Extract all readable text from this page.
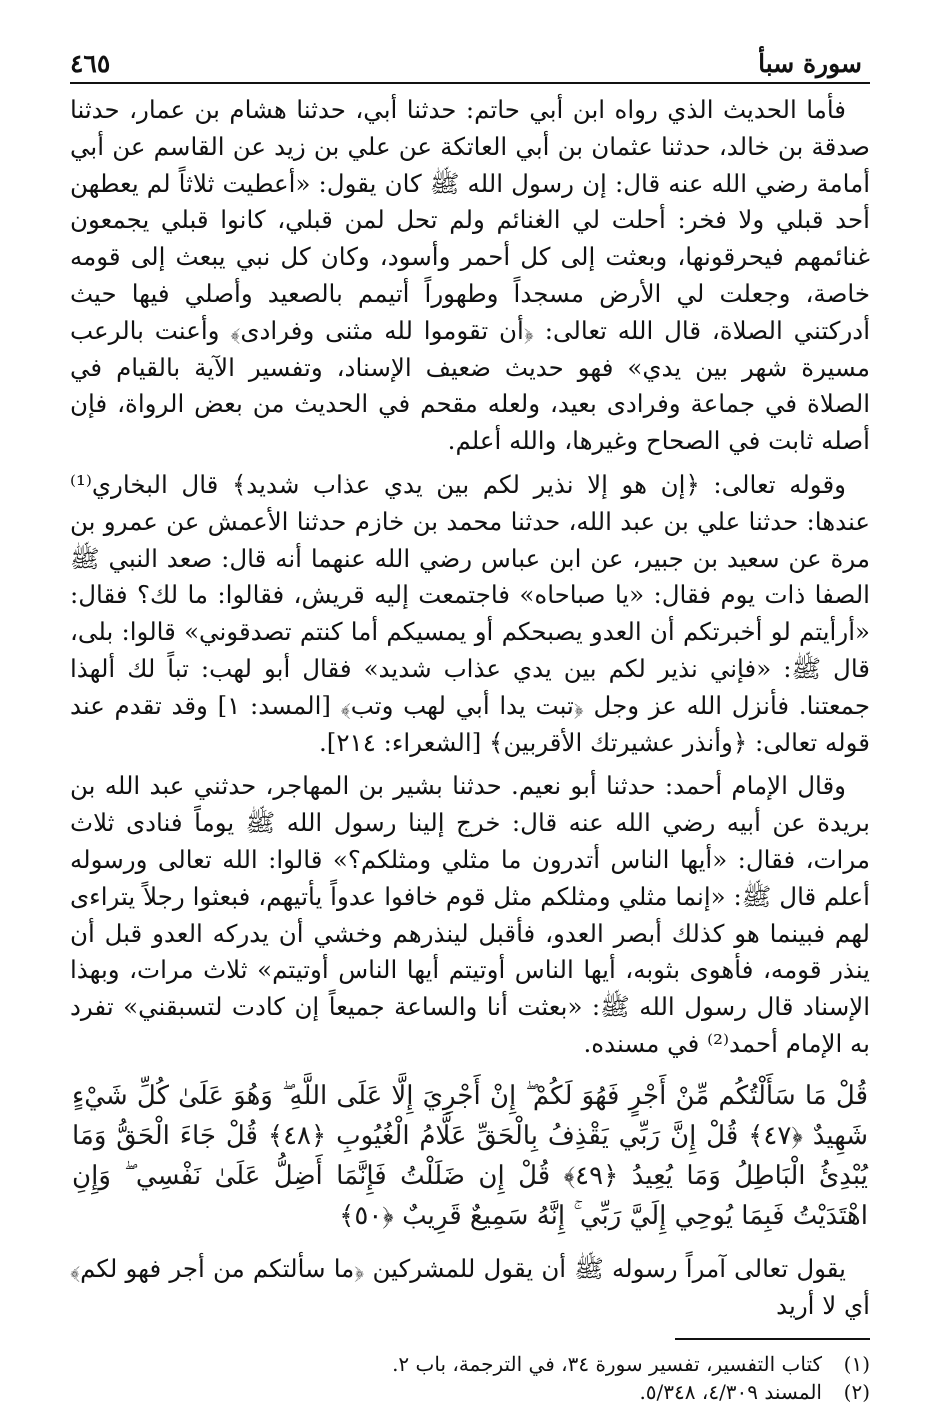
سورة سبأ
٤٦٥

فأما الحديث الذي رواه ابن أبي حاتم: حدثنا أبي، حدثنا هشام بن عمار، حدثنا صدقة بن خالد، حدثنا عثمان بن أبي العاتكة عن علي بن زيد عن القاسم عن أبي أمامة رضي الله عنه قال: إن رسول الله ﷺ كان يقول: «أعطيت ثلاثاً لم يعطهن أحد قبلي ولا فخر: أحلت لي الغنائم ولم تحل لمن قبلي، كانوا قبلي يجمعون غنائمهم فيحرقونها، وبعثت إلى كل أحمر وأسود، وكان كل نبي يبعث إلى قومه خاصة، وجعلت لي الأرض مسجداً وطهوراً أتيمم بالصعيد وأصلي فيها حيث أدركتني الصلاة، قال الله تعالى: ﴿أن تقوموا لله مثنى وفرادى﴾ وأعنت بالرعب مسيرة شهر بين يدي» فهو حديث ضعيف الإسناد، وتفسير الآية بالقيام في الصلاة في جماعة وفرادى بعيد، ولعله مقحم في الحديث من بعض الرواة، فإن أصله ثابت في الصحاح وغيرها، والله أعلم.

وقوله تعالى: ﴿إن هو إلا نذير لكم بين يدي عذاب شديد﴾ قال البخاري⁽¹⁾ عندها: حدثنا علي بن عبد الله، حدثنا محمد بن خازم حدثنا الأعمش عن عمرو بن مرة عن سعيد بن جبير، عن ابن عباس رضي الله عنهما أنه قال: صعد النبي ﷺ الصفا ذات يوم فقال: «يا صباحاه» فاجتمعت إليه قريش، فقالوا: ما لك؟ فقال: «أرأيتم لو أخبرتكم أن العدو يصبحكم أو يمسيكم أما كنتم تصدقوني» قالوا: بلى، قال ﷺ: «فإني نذير لكم بين يدي عذاب شديد» فقال أبو لهب: تباً لك ألهذا جمعتنا. فأنزل الله عز وجل ﴿تبت يدا أبي لهب وتب﴾ [المسد: ١] وقد تقدم عند قوله تعالى: ﴿وأنذر عشيرتك الأقربين﴾ [الشعراء: ٢١٤].

وقال الإمام أحمد: حدثنا أبو نعيم. حدثنا بشير بن المهاجر، حدثني عبد الله بن بريدة عن أبيه رضي الله عنه قال: خرج إلينا رسول الله ﷺ يوماً فنادى ثلاث مرات، فقال: «أيها الناس أتدرون ما مثلي ومثلكم؟» قالوا: الله تعالى ورسوله أعلم قال ﷺ: «إنما مثلي ومثلكم مثل قوم خافوا عدواً يأتيهم، فبعثوا رجلاً يتراءى لهم فبينما هو كذلك أبصر العدو، فأقبل لينذرهم وخشي أن يدركه العدو قبل أن ينذر قومه، فأهوى بثوبه، أيها الناس أوتيتم أيها الناس أوتيتم» ثلاث مرات، وبهذا الإسناد قال رسول الله ﷺ: «بعثت أنا والساعة جميعاً إن كادت لتسبقني» تفرد به الإمام أحمد⁽²⁾ في مسنده.

قُلْ مَا سَأَلْتُكُم مِّنْ أَجْرٍ فَهُوَ لَكُمْ ۖ إِنْ أَجْرِيَ إِلَّا عَلَى اللَّهِ ۖ وَهُوَ عَلَىٰ كُلِّ شَيْءٍ شَهِيدٌ ﴿٤٧﴾ قُلْ إِنَّ رَبِّي يَقْذِفُ بِالْحَقِّ عَلَّامُ الْغُيُوبِ ﴿٤٨﴾ قُلْ جَاءَ الْحَقُّ وَمَا يُبْدِئُ الْبَاطِلُ وَمَا يُعِيدُ ﴿٤٩﴾ قُلْ إِن ضَلَلْتُ فَإِنَّمَا أَضِلُّ عَلَىٰ نَفْسِي ۖ وَإِنِ اهْتَدَيْتُ فَبِمَا يُوحِي إِلَيَّ رَبِّي ۚ إِنَّهُ سَمِيعٌ قَرِيبٌ ﴿٥٠﴾

يقول تعالى آمراً رسوله ﷺ أن يقول للمشركين ﴿ما سألتكم من أجر فهو لكم﴾ أي لا أريد

(١)
كتاب التفسير، تفسير سورة ٣٤، في الترجمة، باب ٢.
(٢)
المسند ٤/٣٠٩، ٥/٣٤٨.
